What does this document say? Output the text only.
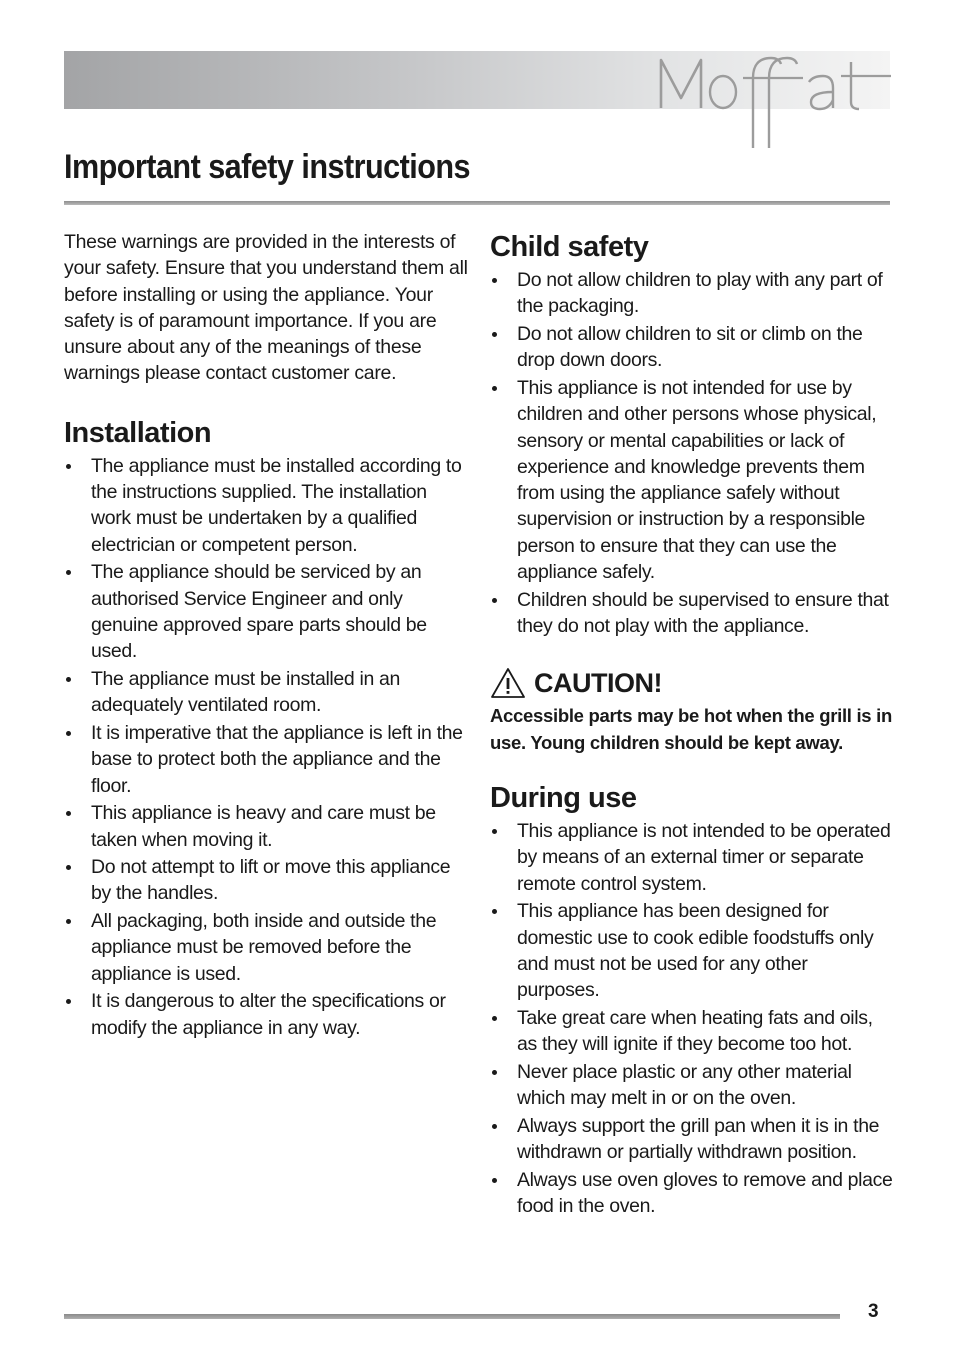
Important safety instructions

These warnings are provided in the interests of your safety. Ensure that you understand them all before installing or using the appliance. Your safety is of paramount importance. If you are unsure about any of the meanings of these warnings please contact customer care.

Installation
The appliance must be installed according to the instructions supplied. The installation work must be undertaken by a qualified electrician or competent person.
The appliance should be serviced by an authorised Service Engineer and only genuine approved spare parts should be used.
The appliance must be installed in an adequately ventilated room.
It is imperative that the appliance is left in the base to protect both the appliance and the floor.
This appliance is heavy and care must be taken when moving it.
Do not attempt to lift or move this appliance by the handles.
All packaging, both inside and outside the appliance must be removed before the appliance is used.
It is dangerous to alter the specifications or modify the appliance in any way.
Child safety
Do not allow children to play with any part of the packaging.
Do not allow children to sit or climb on the drop down doors.
This appliance is not intended for use by children and other persons whose physical, sensory or mental capabilities or lack of experience and knowledge prevents them from using the appliance safely without supervision or instruction by a responsible person to ensure that they can use the appliance safely.
Children should be supervised to ensure that they do not play with the appliance.
CAUTION!

Accessible parts may be hot when the grill is in use. Young children should be kept away.

During use
This appliance is not intended to be operated by means of an external timer or separate remote control system.
This appliance has been designed for domestic use to cook edible foodstuffs only and must not be used for any other purposes.
Take great care when heating fats and oils, as they will ignite if they become too hot.
Never place plastic or any other material which may melt in or on the oven.
Always support the grill pan when it is in the withdrawn or partially withdrawn position.
Always use oven gloves to remove and place food in the oven.
3
